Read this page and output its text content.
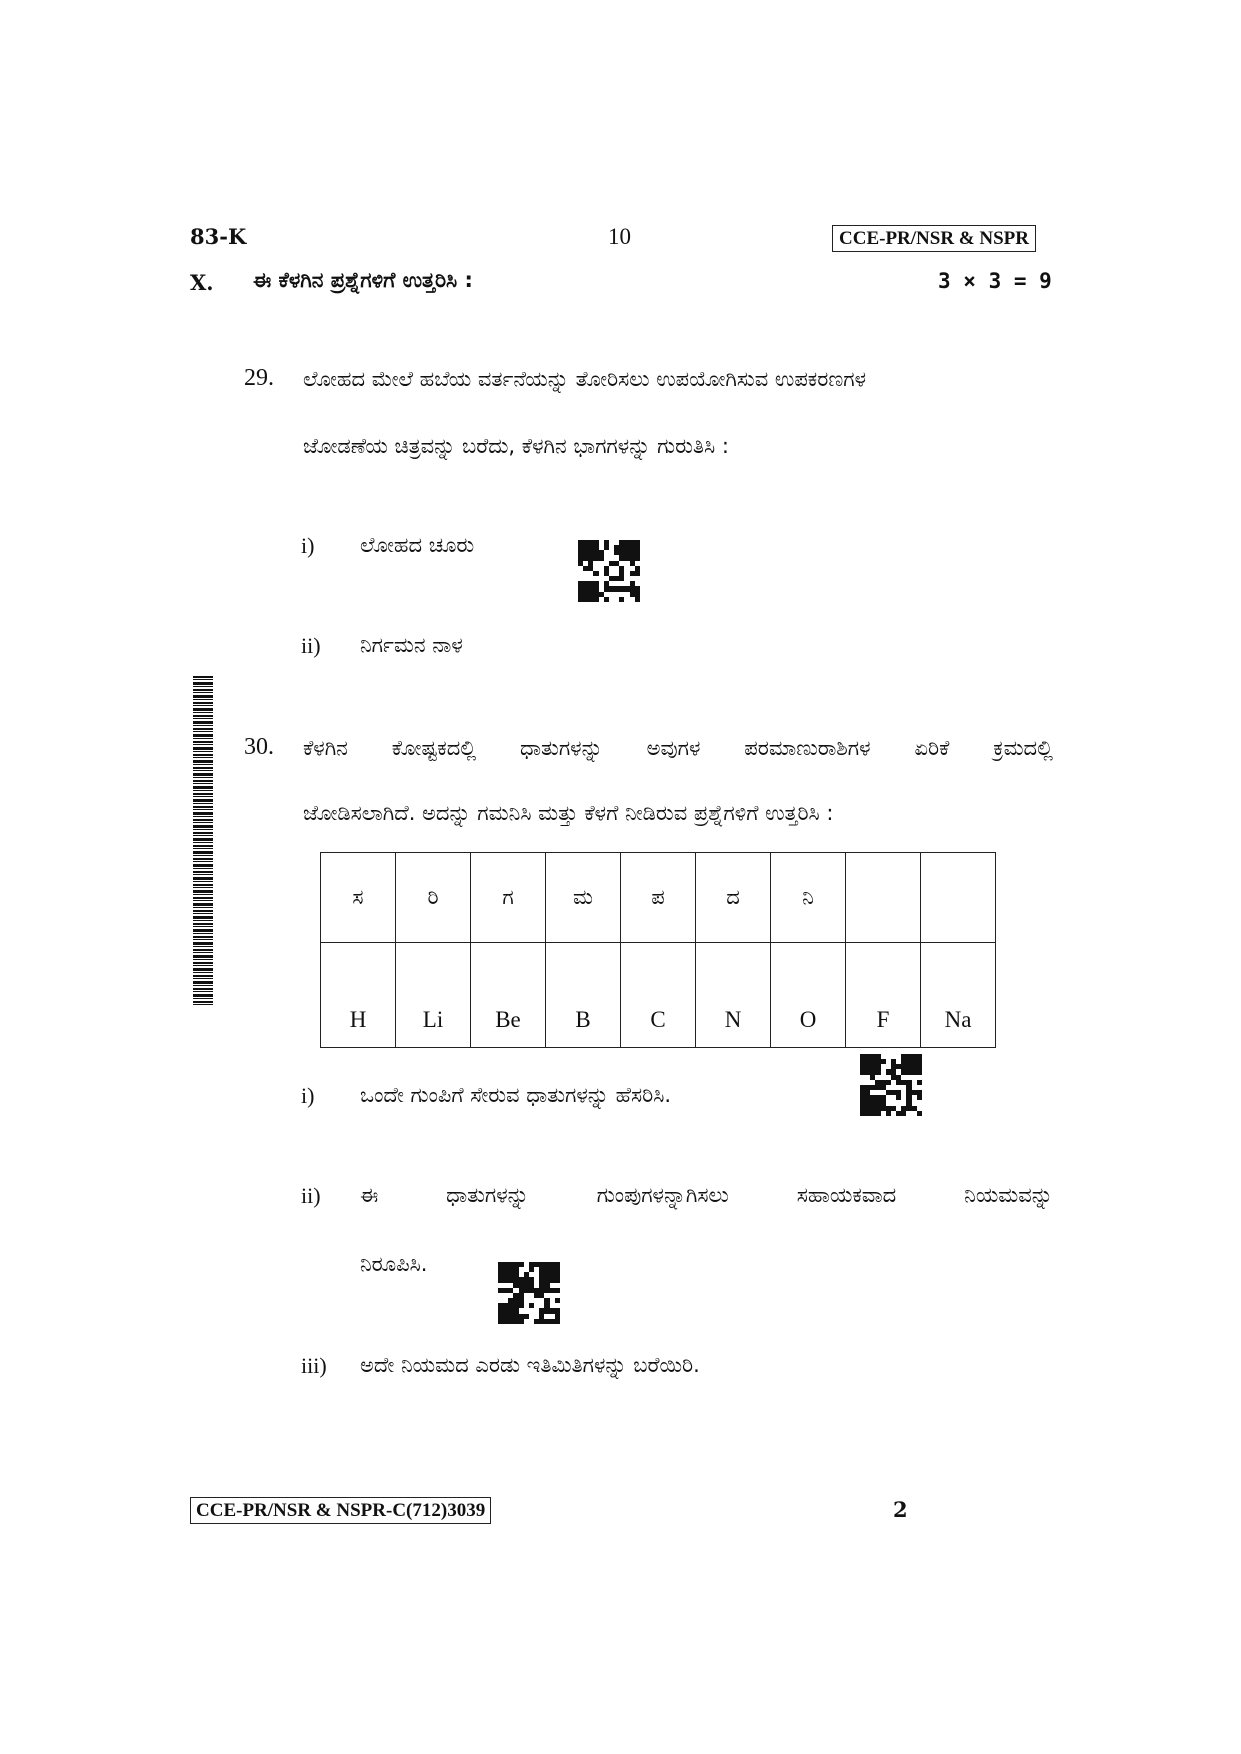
83-K	10	CCE-PR/NSR & NSPR
X. ಈ ಕೆಳಗಿನ ಪ್ರಶ್ನೆಗಳಿಗೆ ಉತ್ತರಿಸಿ :	3 × 3 = 9
29. ಲೋಹದ ಮೇಲೆ ಹಬೆಯ ವರ್ತನೆಯನ್ನು ತೋರಿಸಲು ಉಪಯೋಗಿಸುವ ಉಪಕರಣಗಳ
ಜೋಡಣೆಯ ಚಿತ್ರವನ್ನು ಬರೆದು, ಕೆಳಗಿನ ಭಾಗಗಳನ್ನು ಗುರುತಿಸಿ :
i) ಲೋಹದ ಚೂರು
ii) ನಿರ್ಗಮನ ನಾಳ
30. ಕೆಳಗಿನ ಕೋಷ್ಟಕದಲ್ಲಿ ಧಾತುಗಳನ್ನು ಅವುಗಳ ಪರಮಾಣುರಾಶಿಗಳ ಏರಿಕೆ ಕ್ರಮದಲ್ಲಿ
ಜೋಡಿಸಲಾಗಿದೆ. ಅದನ್ನು ಗಮನಿಸಿ ಮತ್ತು ಕೆಳಗೆ ನೀಡಿರುವ ಪ್ರಶ್ನೆಗಳಿಗೆ ಉತ್ತರಿಸಿ :
ಸ	ರಿ	ಗ	ಮ	ಪ	ದ	ನಿ		
H	Li	Be	B	C	N	O	F	Na
i) ಒಂದೇ ಗುಂಪಿಗೆ ಸೇರುವ ಧಾತುಗಳನ್ನು ಹೆಸರಿಸಿ.
ii) ಈ	ಧಾತುಗಳನ್ನು	ಗುಂಪುಗಳನ್ನಾಗಿಸಲು	ಸಹಾಯಕವಾದ	ನಿಯಮವನ್ನು
ನಿರೂಪಿಸಿ.
iii) ಅದೇ ನಿಯಮದ ಎರಡು ಇತಿಮಿತಿಗಳನ್ನು ಬರೆಯಿರಿ.
CCE-PR/NSR & NSPR-C(712)3039	2
